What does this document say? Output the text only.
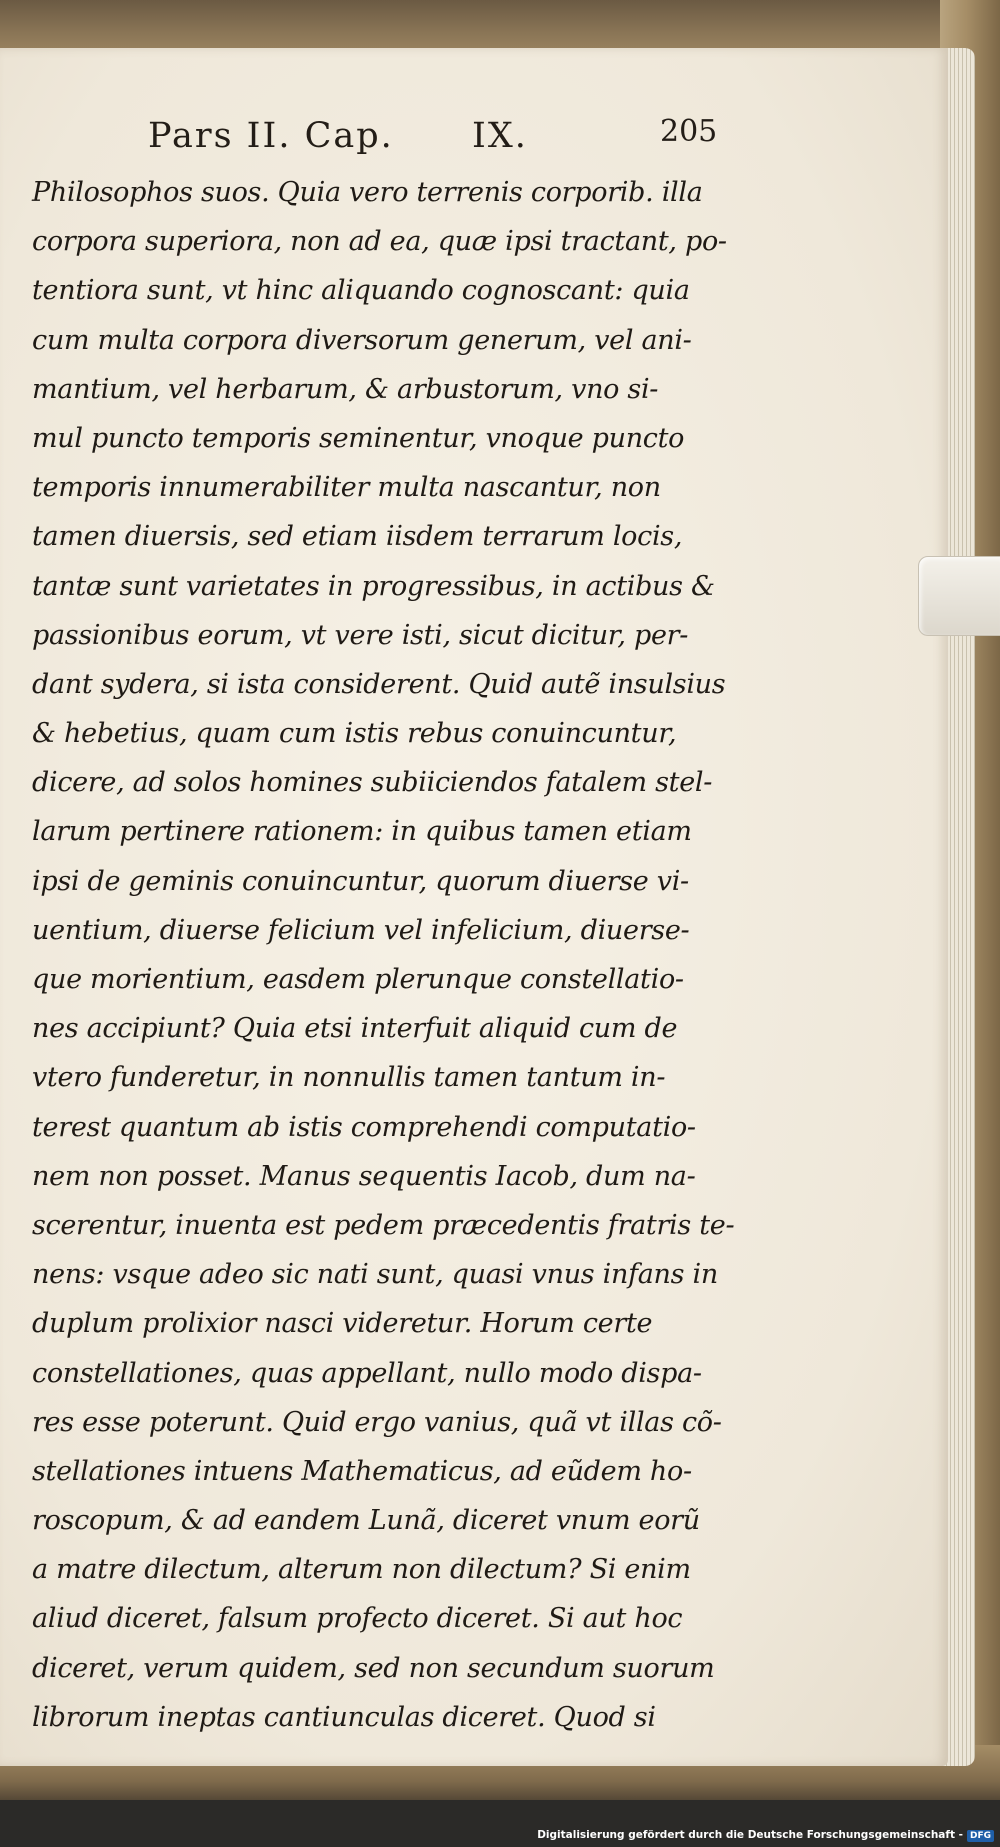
Pars II. Cap. IX.	205
Philosophos suos. Quia vero terrenis corporib. illa
corpora superiora, non ad ea, quæ ipsi tractant, po-
tentiora sunt, vt hinc aliquando cognoscant: quia
cum multa corpora diversorum generum, vel ani-
mantium, vel herbarum, & arbustorum, vno si-
mul puncto temporis seminentur, vnoque puncto
temporis innumerabiliter multa nascantur, non
tamen diuersis, sed etiam iisdem terrarum locis,
tantæ sunt varietates in progressibus, in actibus &
passionibus eorum, vt vere isti, sicut dicitur, per-
dant sydera, si ista considerent. Quid autẽ insulsius
& hebetius, quam cum istis rebus conuincuntur,
dicere, ad solos homines subiiciendos fatalem stel-
larum pertinere rationem: in quibus tamen etiam
ipsi de geminis conuincuntur, quorum diuerse vi-
uentium, diuerse felicium vel infelicium, diuerse-
que morientium, easdem plerunque constellatio-
nes accipiunt? Quia etsi interfuit aliquid cum de
vtero funderetur, in nonnullis tamen tantum in-
terest quantum ab istis comprehendi computatio-
nem non posset. Manus sequentis Iacob, dum na-
scerentur, inuenta est pedem præcedentis fratris te-
nens: vsque adeo sic nati sunt, quasi vnus infans in
duplum prolixior nasci videretur. Horum certe
constellationes, quas appellant, nullo modo dispa-
res esse poterunt. Quid ergo vanius, quã vt illas cõ-
stellationes intuens Mathematicus, ad eũdem ho-
roscopum, & ad eandem Lunã, diceret vnum eorũ
a matre dilectum, alterum non dilectum? Si enim
aliud diceret, falsum profecto diceret. Si aut hoc
diceret, verum quidem, sed non secundum suorum
librorum ineptas cantiunculas diceret. Quod si
Digitalisierung gefördert durch die Deutsche Forschungsgemeinschaft - DFG
